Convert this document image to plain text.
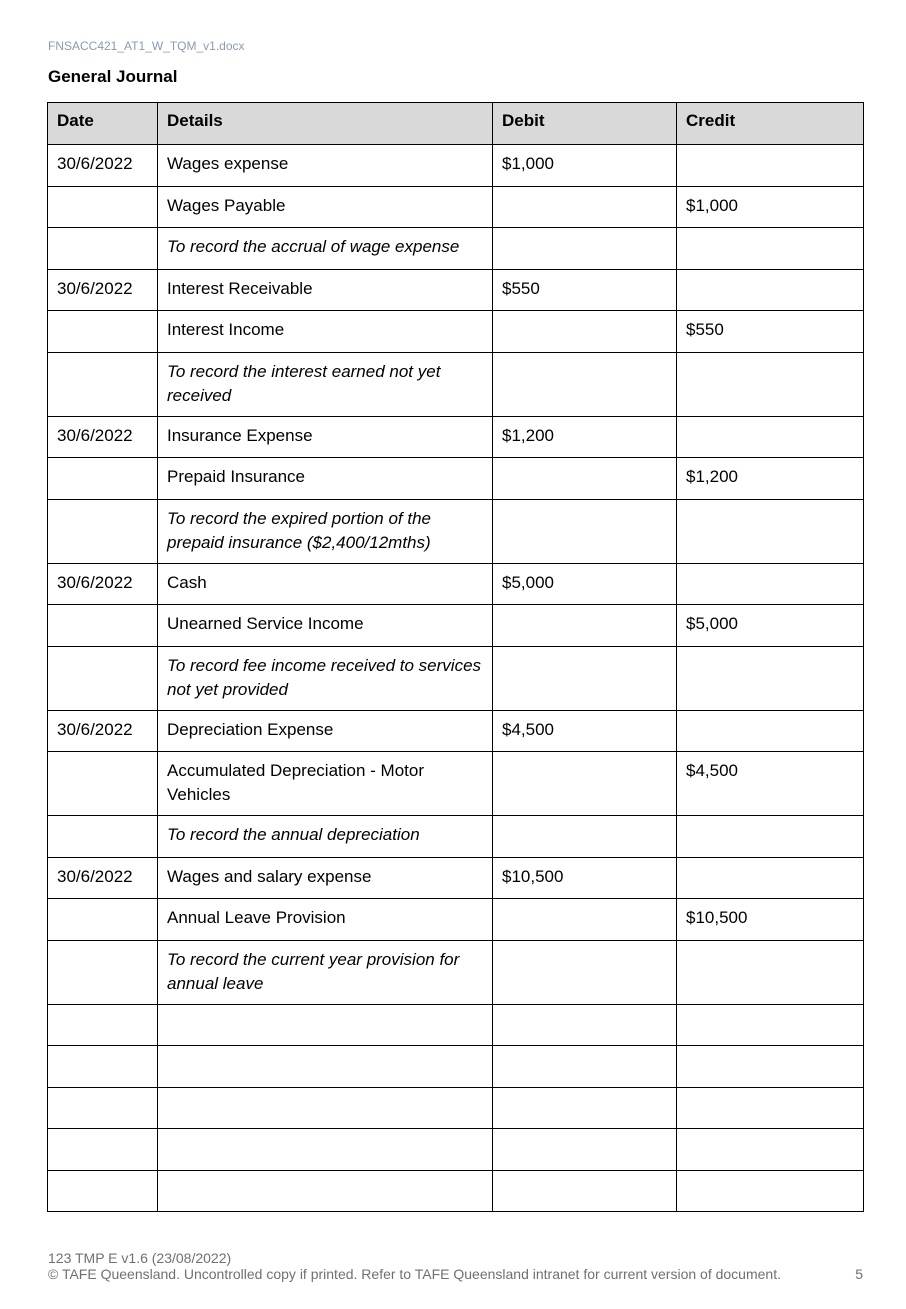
FNSACC421_AT1_W_TQM_v1.docx
General Journal
Date	Details	Debit	Credit
30/6/2022	Wages expense	$1,000	
	Wages Payable		$1,000
	To record the accrual of wage expense		
30/6/2022	Interest Receivable	$550	
	Interest Income		$550
	To record the interest earned not yet received		
30/6/2022	Insurance Expense	$1,200	
	Prepaid Insurance		$1,200
	To record the expired portion of the prepaid insurance ($2,400/12mths)		
30/6/2022	Cash	$5,000	
	Unearned Service Income		$5,000
	To record fee income received to services not yet provided		
30/6/2022	Depreciation Expense	$4,500	
	Accumulated Depreciation - Motor Vehicles		$4,500
	To record the annual depreciation		
30/6/2022	Wages and salary expense	$10,500	
	Annual Leave Provision		$10,500
	To record the current year provision for annual leave		

123 TMP E v1.6 (23/08/2022)
© TAFE Queensland. Uncontrolled copy if printed. Refer to TAFE Queensland intranet for current version of document.	5
